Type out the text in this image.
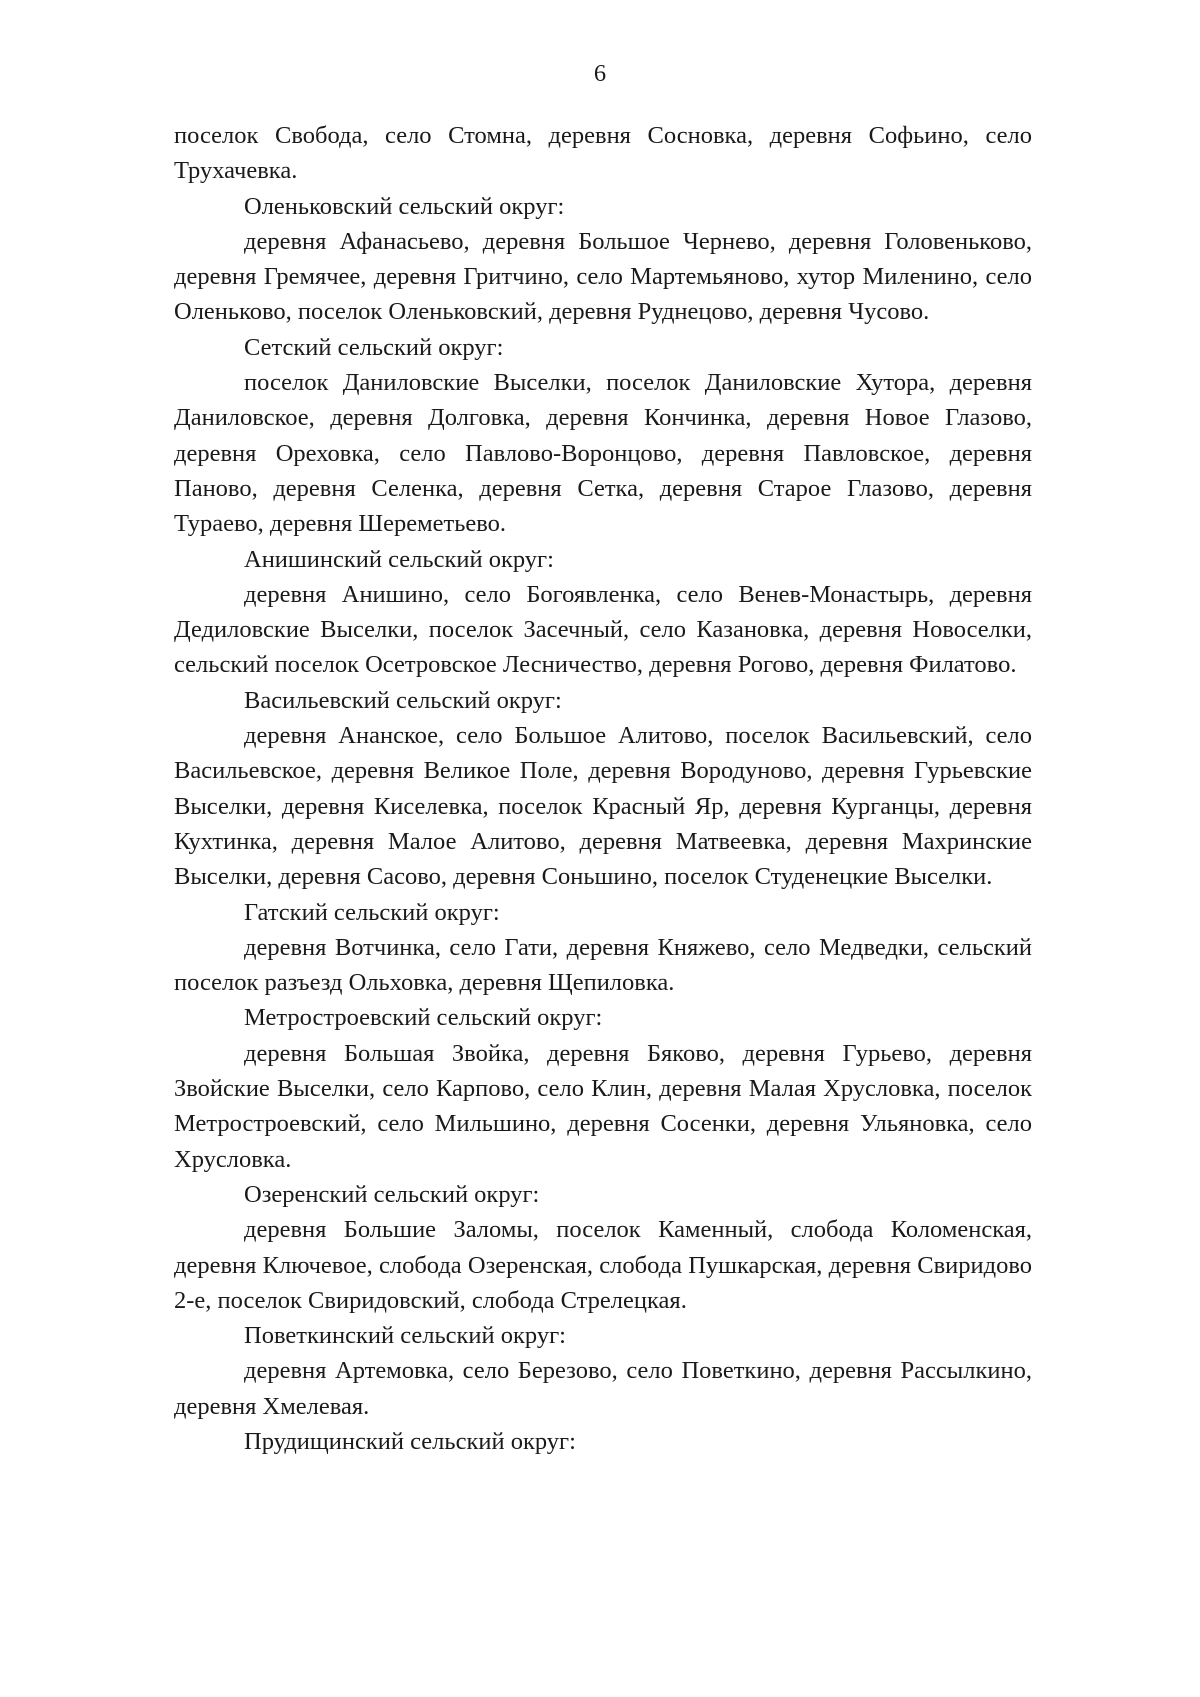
6

поселок Свобода, село Стомна, деревня Сосновка, деревня Софьино, село Трухачевка.

Оленьковский сельский округ:

деревня Афанасьево, деревня Большое Чернево, деревня Головеньково, деревня Гремячее, деревня Гритчино, село Мартемьяново, хутор Миленино, село Оленьково, поселок Оленьковский, деревня Руднецово, деревня Чусово.

Сетский сельский округ:

поселок Даниловские Выселки, поселок Даниловские Хутора, деревня Даниловское, деревня Долговка, деревня Кончинка, деревня Новое Глазово, деревня Ореховка, село Павлово-Воронцово, деревня Павловское, деревня Паново, деревня Селенка, деревня Сетка, деревня Старое Глазово, деревня Тураево, деревня Шереметьево.

Анишинский сельский округ:

деревня Анишино, село Богоявленка, село Венев-Монастырь, деревня Дедиловские Выселки, поселок Засечный, село Казановка, деревня Новоселки, сельский поселок Осетровское Лесничество, деревня Рогово, деревня Филатово.

Васильевский сельский округ:

деревня Ананское, село Большое Алитово, поселок Васильевский, село Васильевское, деревня Великое Поле, деревня Вородуново, деревня Гурьевские Выселки, деревня Киселевка, поселок Красный Яр, деревня Курганцы, деревня Кухтинка, деревня Малое Алитово, деревня Матвеевка, деревня Махринские Выселки, деревня Сасово, деревня Соньшино, поселок Студенецкие Выселки.

Гатский сельский округ:

деревня Вотчинка, село Гати, деревня Княжево, село Медведки, сельский поселок разъезд Ольховка, деревня Щепиловка.

Метростроевский сельский округ:

деревня Большая Звойка, деревня Бяково, деревня Гурьево, деревня Звойские Выселки, село Карпово, село Клин, деревня Малая Хрусловка, поселок Метростроевский, село Мильшино, деревня Сосенки, деревня Ульяновка, село Хрусловка.

Озеренский сельский округ:

деревня Большие Заломы, поселок Каменный, слобода Коломенская, деревня Ключевое, слобода Озеренская, слобода Пушкарская, деревня Свиридово 2-е, поселок Свиридовский, слобода Стрелецкая.

Поветкинский сельский округ:

деревня Артемовка, село Березово, село Поветкино, деревня Рассылкино, деревня Хмелевая.

Прудищинский сельский округ:
